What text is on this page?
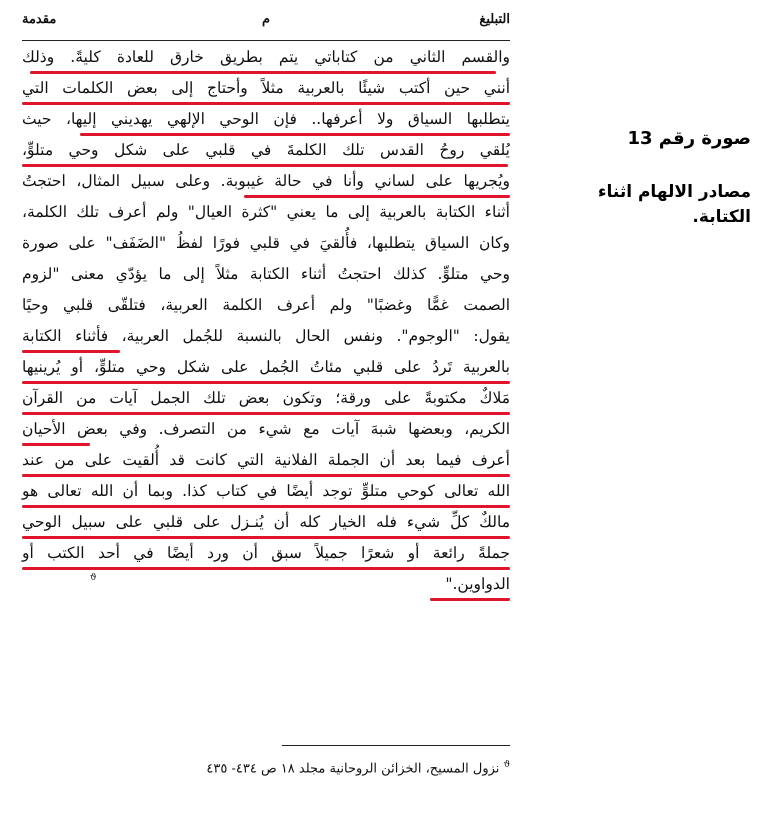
مقدمة	م	التبليغ
والقسم الثاني من كتاباتي يتم بطريق خارق للعادة كليةً. وذلك
أنني حين أكتب شيئًا بالعربية مثلاً وأحتاج إلى بعض الكلمات التي
يتطلبها السياق ولا أعرفها.. فإن الوحي الإلهي يهديني إليها، حيث
يُلقي روحُ القدس تلك الكلمةَ في قلبي على شكل وحي متلوٍّ،
ويُجريها على لساني وأنا في حالة غيبوبة. وعلى سبيل المثال، احتجتُ
أثناء الكتابة بالعربية إلى ما يعني "كثرة العيال" ولم أعرف تلك الكلمة،
وكان السياق يتطلبها، فأُلقيَ في قلبي فورًا لفظُ "الضَفَف" على صورة
وحي متلوٍّ. كذلك احتجتُ أثناء الكتابة مثلاً إلى ما يؤدّي معنى "لزوم
الصمت غمًّا وغضبًا" ولم أعرف الكلمة العربية، فتلقّى قلبي وحيًا
يقول: "الوجوم". ونفس الحال بالنسبة للجُمل العربية، فأثناء الكتابة
بالعربية تَردُ على قلبي مئاتُ الجُمل على شكل وحي متلوٍّ، أو يُرينيها
مَلاكٌ مكتوبةً على ورقة؛ وتكون بعض تلك الجمل آيات من القرآن
الكريم، وبعضها شبهَ آيات مع شيء من التصرف. وفي بعض الأحيان
أعرف فيما بعد أن الجملة الفلانية التي كانت قد أُلقيت على من عند
الله تعالى كوحي متلوٍّ توجد أيضًا في كتاب كذا. وبما أن الله تعالى هو
مالكٌ كلِّ شيء فله الخيار كله أن يُنـزل على قلبي على سبيل الوحي
جملةً رائعة أو شعرًا جميلاً سبق أن ورد أيضًا في أحد الكتب أو
الدواوين."
ϑ
صورة رقم 13
مصادر الالهام اثناء الكتابة.
$^ϑ$ نزول المسيح، الخزائن الروحانية مجلد ١٨ ص ٤٣٤- ٤٣٥
